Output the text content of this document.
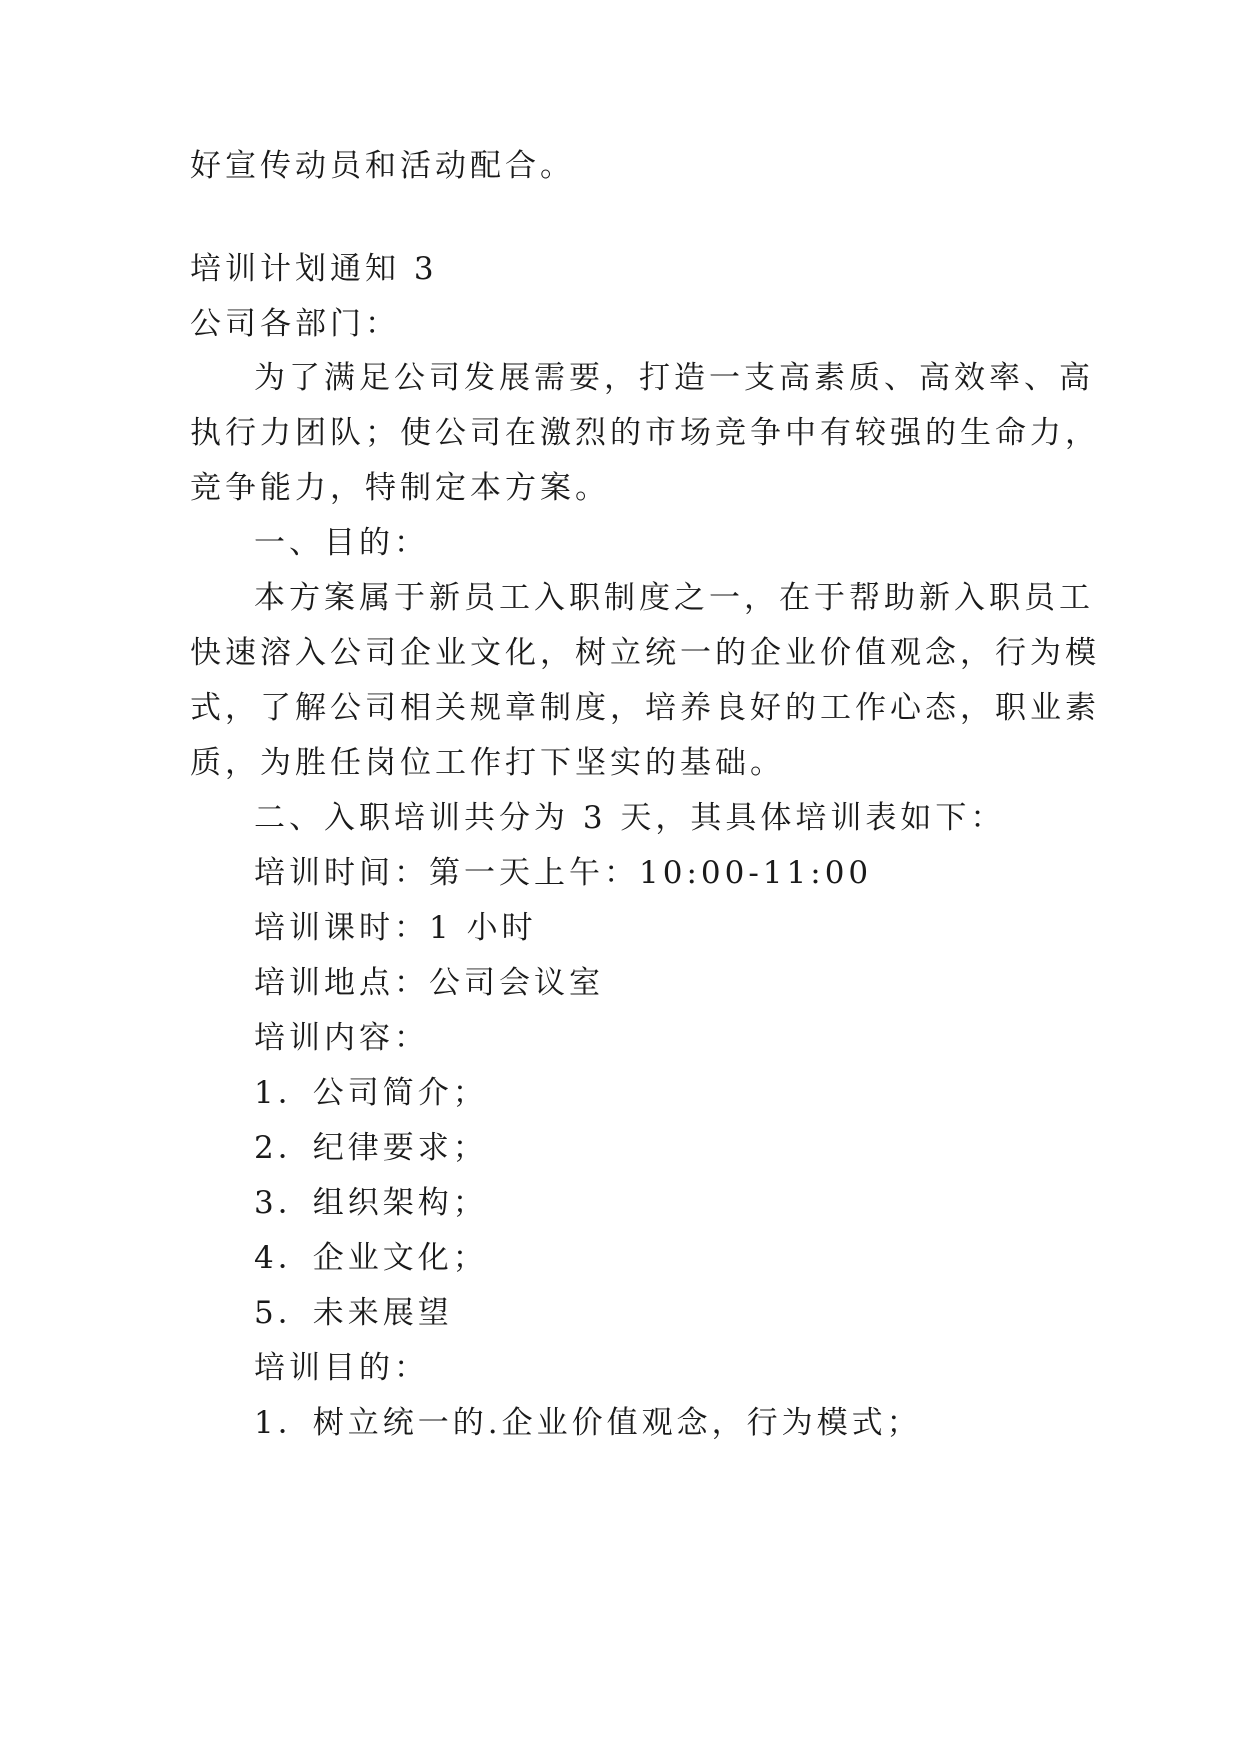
好宣传动员和活动配合。
培训计划通知 3
公司各部门：
为了满足公司发展需要，打造一支高素质、高效率、高
执行力团队；使公司在激烈的市场竞争中有较强的生命力，
竞争能力，特制定本方案。
一、目的：
本方案属于新员工入职制度之一，在于帮助新入职员工
快速溶入公司企业文化，树立统一的企业价值观念，行为模
式，了解公司相关规章制度，培养良好的工作心态，职业素
质，为胜任岗位工作打下坚实的基础。
二、入职培训共分为 3 天，其具体培训表如下：
培训时间：第一天上午：10:00-11:00
培训课时：1 小时
培训地点：公司会议室
培训内容：
1．公司简介；
2．纪律要求；
3．组织架构；
4．企业文化；
5．未来展望
培训目的：
1．树立统一的.企业价值观念，行为模式；
